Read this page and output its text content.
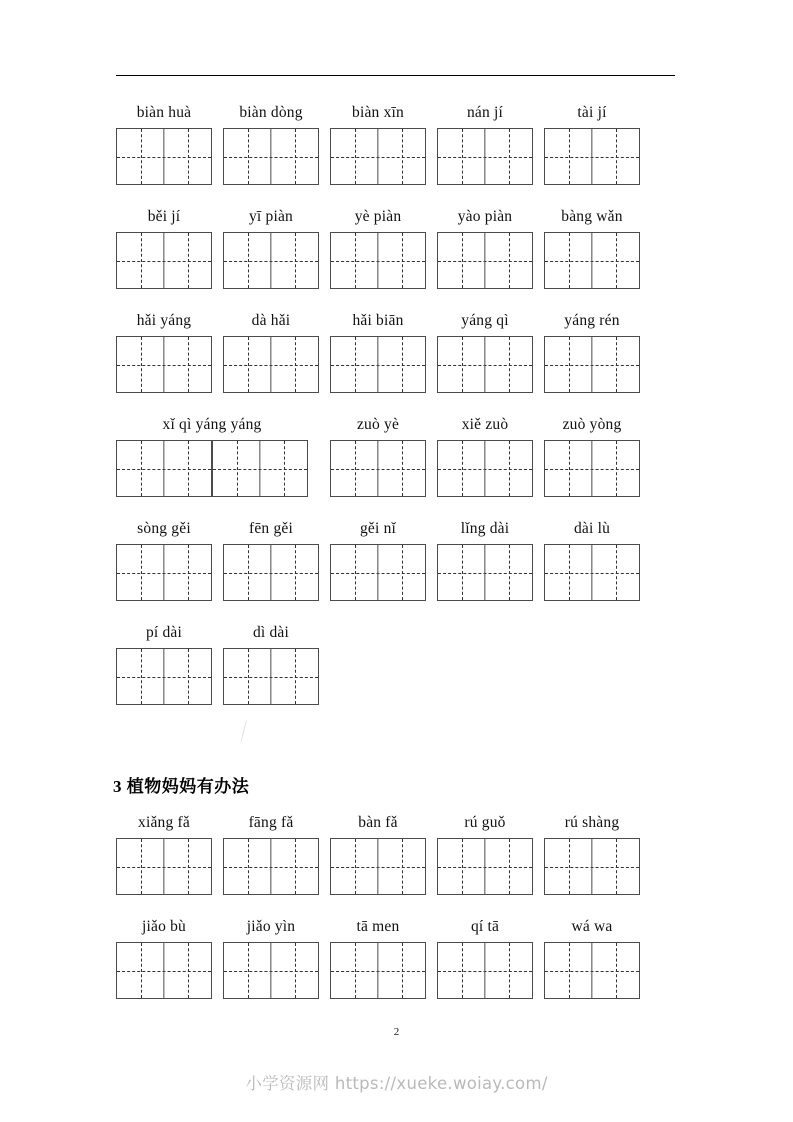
biàn huà	biàn dòng	biàn xīn	nán jí	tài jí
běi jí	yī piàn	yè piàn	yào piàn	bàng wǎn
hǎi yáng	dà hǎi	hǎi biān	yáng qì	yáng rén
xǐ qì yáng yáng	zuò yè	xiě zuò	zuò yòng
sòng gěi	fēn gěi	gěi nǐ	lǐng dài	dài lù
pí dài	dì dài
3 植物妈妈有办法
xiǎng fǎ	fāng fǎ	bàn fǎ	rú guǒ	rú shàng
jiǎo bù	jiǎo yìn	tā men	qí tā	wá wa
2
小学资源网 https://xueke.woiay.com/
